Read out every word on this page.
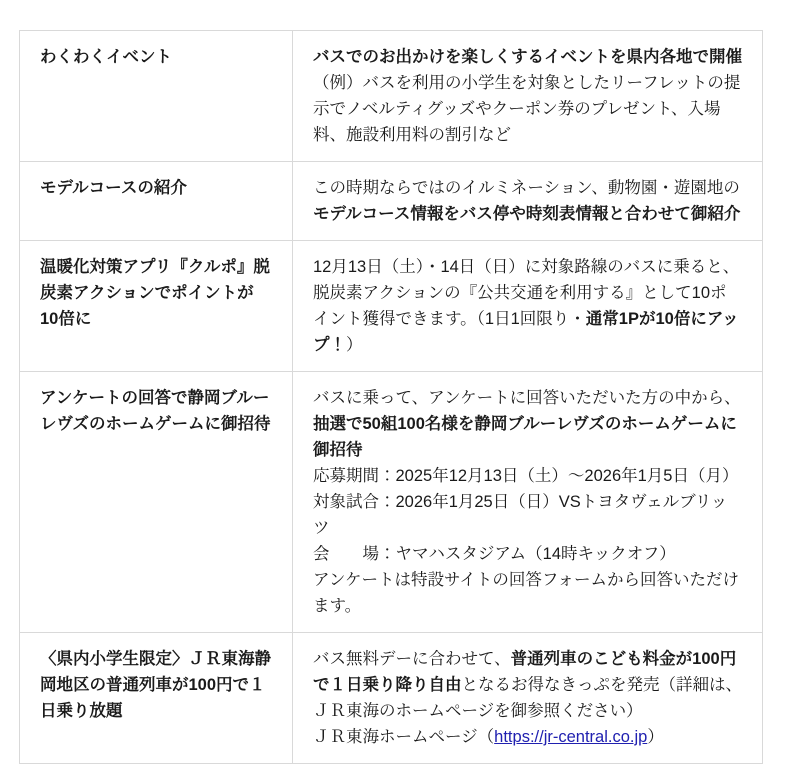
わくわくイベント	バスでのお出かけを楽しくするイベントを県内各地で開催
（例）バスを利用の小学生を対象としたリーフレットの提示でノベルティグッズやクーポン券のプレゼント、入場料、施設利用料の割引など
モデルコースの紹介	この時期ならではのイルミネーション、動物園・遊園地の
モデルコース情報をバス停や時刻表情報と合わせて御紹介
温暖化対策アプリ『クルポ』脱炭素アクションでポイントが10倍に	12月13日（土）・14日（日）に対象路線のバスに乗ると、脱炭素アクションの『公共交通を利用する』として10ポイント獲得できます。（1日1回限り・通常1Pが10倍にアップ！）
アンケートの回答で静岡ブルーレヴズのホームゲームに御招待	バスに乗って、アンケートに回答いただいた方の中から、抽選で50組100名様を静岡ブルーレヴズのホームゲームに御招待
応募期間：2025年12月13日（土）～2026年1月5日（月）
対象試合：2026年1月25日（日）VSトヨタヴェルブリッツ
会　　場：ヤマハスタジアム（14時キックオフ）
アンケートは特設サイトの回答フォームから回答いただけます。
〈県内小学生限定〉ＪＲ東海静岡地区の普通列車が100円で１日乗り放題	バス無料デーに合わせて、普通列車のこども料金が100円で１日乗り降り自由となるお得なきっぷを発売（詳細は、ＪＲ東海のホームページを御参照ください）
ＪＲ東海ホームページ（https://jr-central.co.jp）
